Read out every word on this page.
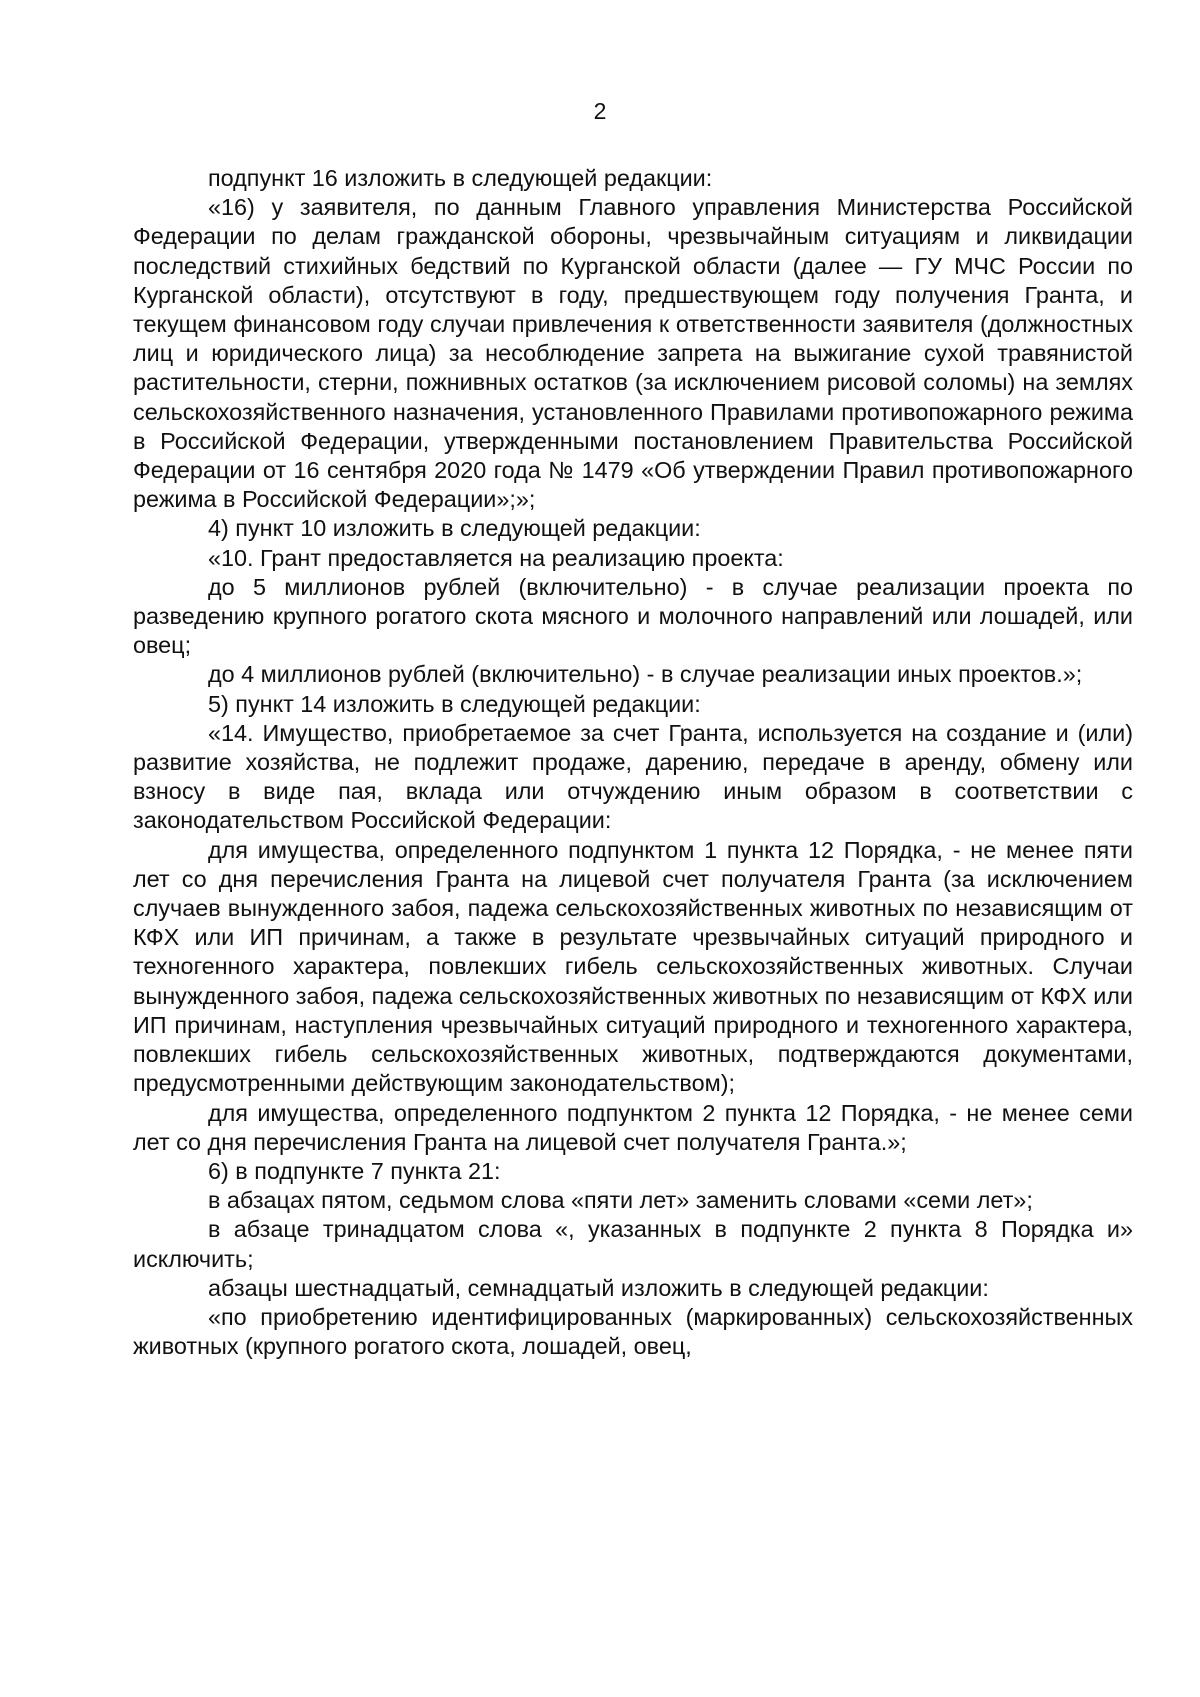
2

подпункт 16 изложить в следующей редакции:

«16) у заявителя, по данным Главного управления Министерства Российской Федерации по делам гражданской обороны, чрезвычайным ситуациям и ликвидации последствий стихийных бедствий по Курганской области (далее — ГУ МЧС России по Курганской области), отсутствуют в году, предшествующем году получения Гранта, и текущем финансовом году случаи привлечения к ответственности заявителя (должностных лиц и юридического лица) за несоблюдение запрета на выжигание сухой травянистой растительности, стерни, пожнивных остатков (за исключением рисовой соломы) на землях сельскохозяйственного назначения, установленного Правилами противопожарного режима в Российской Федерации, утвержденными постановлением Правительства Российской Федерации от 16 сентября 2020 года № 1479 «Об утверждении Правил противопожарного режима в Российской Федерации»;»;

4) пункт 10 изложить в следующей редакции:

«10. Грант предоставляется на реализацию проекта:

до 5 миллионов рублей (включительно) - в случае реализации проекта по разведению крупного рогатого скота мясного и молочного направлений или лошадей, или овец;

до 4 миллионов рублей (включительно) - в случае реализации иных проектов.»;

5) пункт 14 изложить в следующей редакции:

«14. Имущество, приобретаемое за счет Гранта, используется на создание и (или) развитие хозяйства, не подлежит продаже, дарению, передаче в аренду, обмену или взносу в виде пая, вклада или отчуждению иным образом в соответствии с законодательством Российской Федерации:

для имущества, определенного подпунктом 1 пункта 12 Порядка, - не менее пяти лет со дня перечисления Гранта на лицевой счет получателя Гранта (за исключением случаев вынужденного забоя, падежа сельскохозяйственных животных по независящим от КФХ или ИП причинам, а также в результате чрезвычайных ситуаций природного и техногенного характера, повлекших гибель сельскохозяйственных животных. Случаи вынужденного забоя, падежа сельскохозяйственных животных по независящим от КФХ или ИП причинам, наступления чрезвычайных ситуаций природного и техногенного характера, повлекших гибель сельскохозяйственных животных, подтверждаются документами, предусмотренными действующим законодательством);

для имущества, определенного подпунктом 2 пункта 12 Порядка, - не менее семи лет со дня перечисления Гранта на лицевой счет получателя Гранта.»;

6) в подпункте 7 пункта 21:

в абзацах пятом, седьмом слова «пяти лет» заменить словами «семи лет»;

в абзаце тринадцатом слова «, указанных в подпункте 2 пункта 8 Порядка и» исключить;

абзацы шестнадцатый, семнадцатый изложить в следующей редакции:

«по приобретению идентифицированных (маркированных) сельскохозяйственных животных (крупного рогатого скота, лошадей, овец,
